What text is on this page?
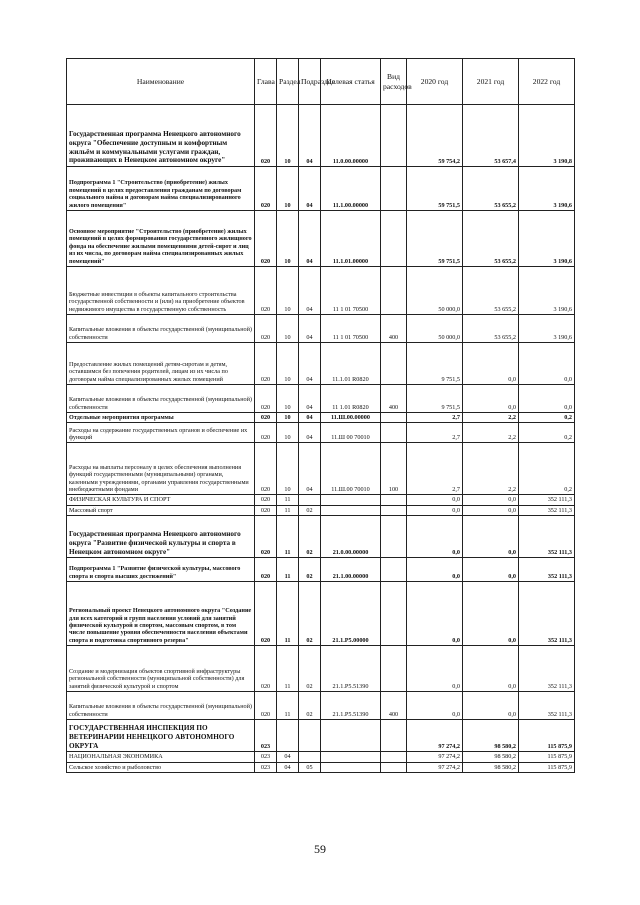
Наименование	Глава	Раздел	Подраздел	Целевая статья	Вид расходов	2020 год	2021 год	2022 год
Государственная программа Ненецкого автономного округа "Обеспечение доступным и комфортным жильём и коммунальными услугами граждан, проживающих в Ненецком автономном округе"	020	10	04	11.0.00.00000		59 754,2	53 657,4	3 190,8
Подпрограмма 1 "Строительство (приобретение) жилых помещений в целях предоставления гражданам по договорам социального найма и договорам найма специализированного жилого помещения"	020	10	04	11.1.00.00000		59 751,5	53 655,2	3 190,6
Основное мероприятие "Строительство (приобретение) жилых помещений в целях формирования государственного жилищного фонда на обеспечение жилыми помещениями детей-сирот и лиц из их числа, по договорам найма специализированных жилых помещений"	020	10	04	11.1.01.00000		59 751,5	53 655,2	3 190,6
Бюджетные инвестиции в объекты капитального строительства государственной собственности и (или) на приобретение объектов недвижимого имущества в государственную собственность	020	10	04	11 1 01 70500		50 000,0	53 655,2	3 190,6
Капитальные вложения в объекты государственной (муниципальной) собственности	020	10	04	11 1 01 70500	400	50 000,0	53 655,2	3 190,6
Предоставление жилых помещений детям-сиротам и детям, оставшимся без попечения родителей, лицам из их числа по договорам найма специализированных жилых помещений	020	10	04	11.1.01 R0820		9 751,5	0,0	0,0
Капитальные вложения в объекты государственной (муниципальной) собственности	020	10	04	11 1.01 R0820	400	9 751,5	0,0	0,0
Отдельные мероприятия программы	020	10	04	11.Ш.00.00000		2,7	2,2	0,2
Расходы на содержание государственных органов и обеспечение их функций	020	10	04	11.Ш 00 70010		2,7	2,2	0,2
Расходы на выплаты персоналу в целях обеспечения выполнения функций государственными (муниципальными) органами, казенными учреждениями, органами управления государственными внебюджетными фондами	020	10	04	11.Ш.00 70010	100	2,7	2,2	0,2
ФИЗИЧЕСКАЯ КУЛЬТУРА И СПОРТ	020	11				0,0	0,0	352 111,3
Массовый спорт	020	11	02			0,0	0,0	352 111,3
Государственная программа Ненецкого автономного округа "Развитие физической культуры и спорта в Ненецком автономном округе"	020	11	02	21.0.00.00000		0,0	0,0	352 111,3
Подпрограмма 1 "Развитие физической культуры, массового спорта и спорта высших достижений"	020	11	02	21.1.00.00000		0,0	0,0	352 111,3
Региональный проект Ненецкого автономного округа "Создание для всех категорий и групп населения условий для занятий физической культурой и спортом, массовым спортом, в том числе повышение уровня обеспеченности населения объектами спорта и подготовка спортивного резерва"	020	11	02	21.1.P5.00000		0,0	0,0	352 111,3
Создание и модернизация объектов спортивной инфраструктуры региональной собственности (муниципальной собственности) для занятий физической культурой и спортом	020	11	02	21.1.P5.51390		0,0	0,0	352 111,3
Капитальные вложения в объекты государственной (муниципальной) собственности	020	11	02	21.1.P5.51390	400	0,0	0,0	352 111,3
ГОСУДАРСТВЕННАЯ ИНСПЕКЦИЯ ПО ВЕТЕРИНАРИИ НЕНЕЦКОГО АВТОНОМНОГО ОКРУГА	023					97 274,2	98 580,2	115 875,9
НАЦИОНАЛЬНАЯ ЭКОНОМИКА	023	04				97 274,2	98 580,2	115 875,9
Сельское хозяйство и рыболовство	023	04	05			97 274,2	98 580,2	115 875,9
59
